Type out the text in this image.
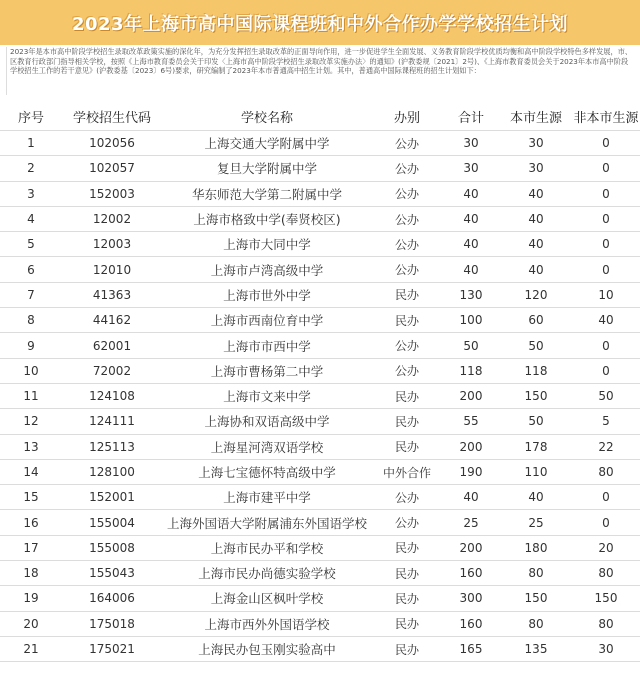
2023年上海市高中国际课程班和中外合作办学学校招生计划
2023年是本市高中阶段学校招生录取改革政策实施的深化年，为充分发挥招生录取改革的正面导向作用，进一步促进学生全面发展、义务教育阶段学校优质均衡和高中阶段学校特色多样发展，市、区教育行政部门指导相关学校，按照《上海市教育委员会关于印发〈上海市高中阶段学校招生录取改革实施办法〉的通知》(沪教委规〔2021〕2号)、《上海市教育委员会关于2023年本市高中阶段学校招生工作的若干意见》(沪教委基〔2023〕6号)要求，研究编制了2023年本市普通高中招生计划。其中，普通高中国际课程班的招生计划如下：
序号	学校招生代码	学校名称	办别	合计	本市生源	非本市生源
1	102056	上海交通大学附属中学	公办	30	30	0
2	102057	复旦大学附属中学	公办	30	30	0
3	152003	华东师范大学第二附属中学	公办	40	40	0
4	12002	上海市格致中学(奉贤校区)	公办	40	40	0
5	12003	上海市大同中学	公办	40	40	0
6	12010	上海市卢湾高级中学	公办	40	40	0
7	41363	上海市世外中学	民办	130	120	10
8	44162	上海市西南位育中学	民办	100	60	40
9	62001	上海市市西中学	公办	50	50	0
10	72002	上海市曹杨第二中学	公办	118	118	0
11	124108	上海市文来中学	民办	200	150	50
12	124111	上海协和双语高级中学	民办	55	50	5
13	125113	上海星河湾双语学校	民办	200	178	22
14	128100	上海七宝德怀特高级中学	中外合作	190	110	80
15	152001	上海市建平中学	公办	40	40	0
16	155004	上海外国语大学附属浦东外国语学校	公办	25	25	0
17	155008	上海市民办平和学校	民办	200	180	20
18	155043	上海市民办尚德实验学校	民办	160	80	80
19	164006	上海金山区枫叶学校	民办	300	150	150
20	175018	上海市西外外国语学校	民办	160	80	80
21	175021	上海民办包玉刚实验高中	民办	165	135	30
